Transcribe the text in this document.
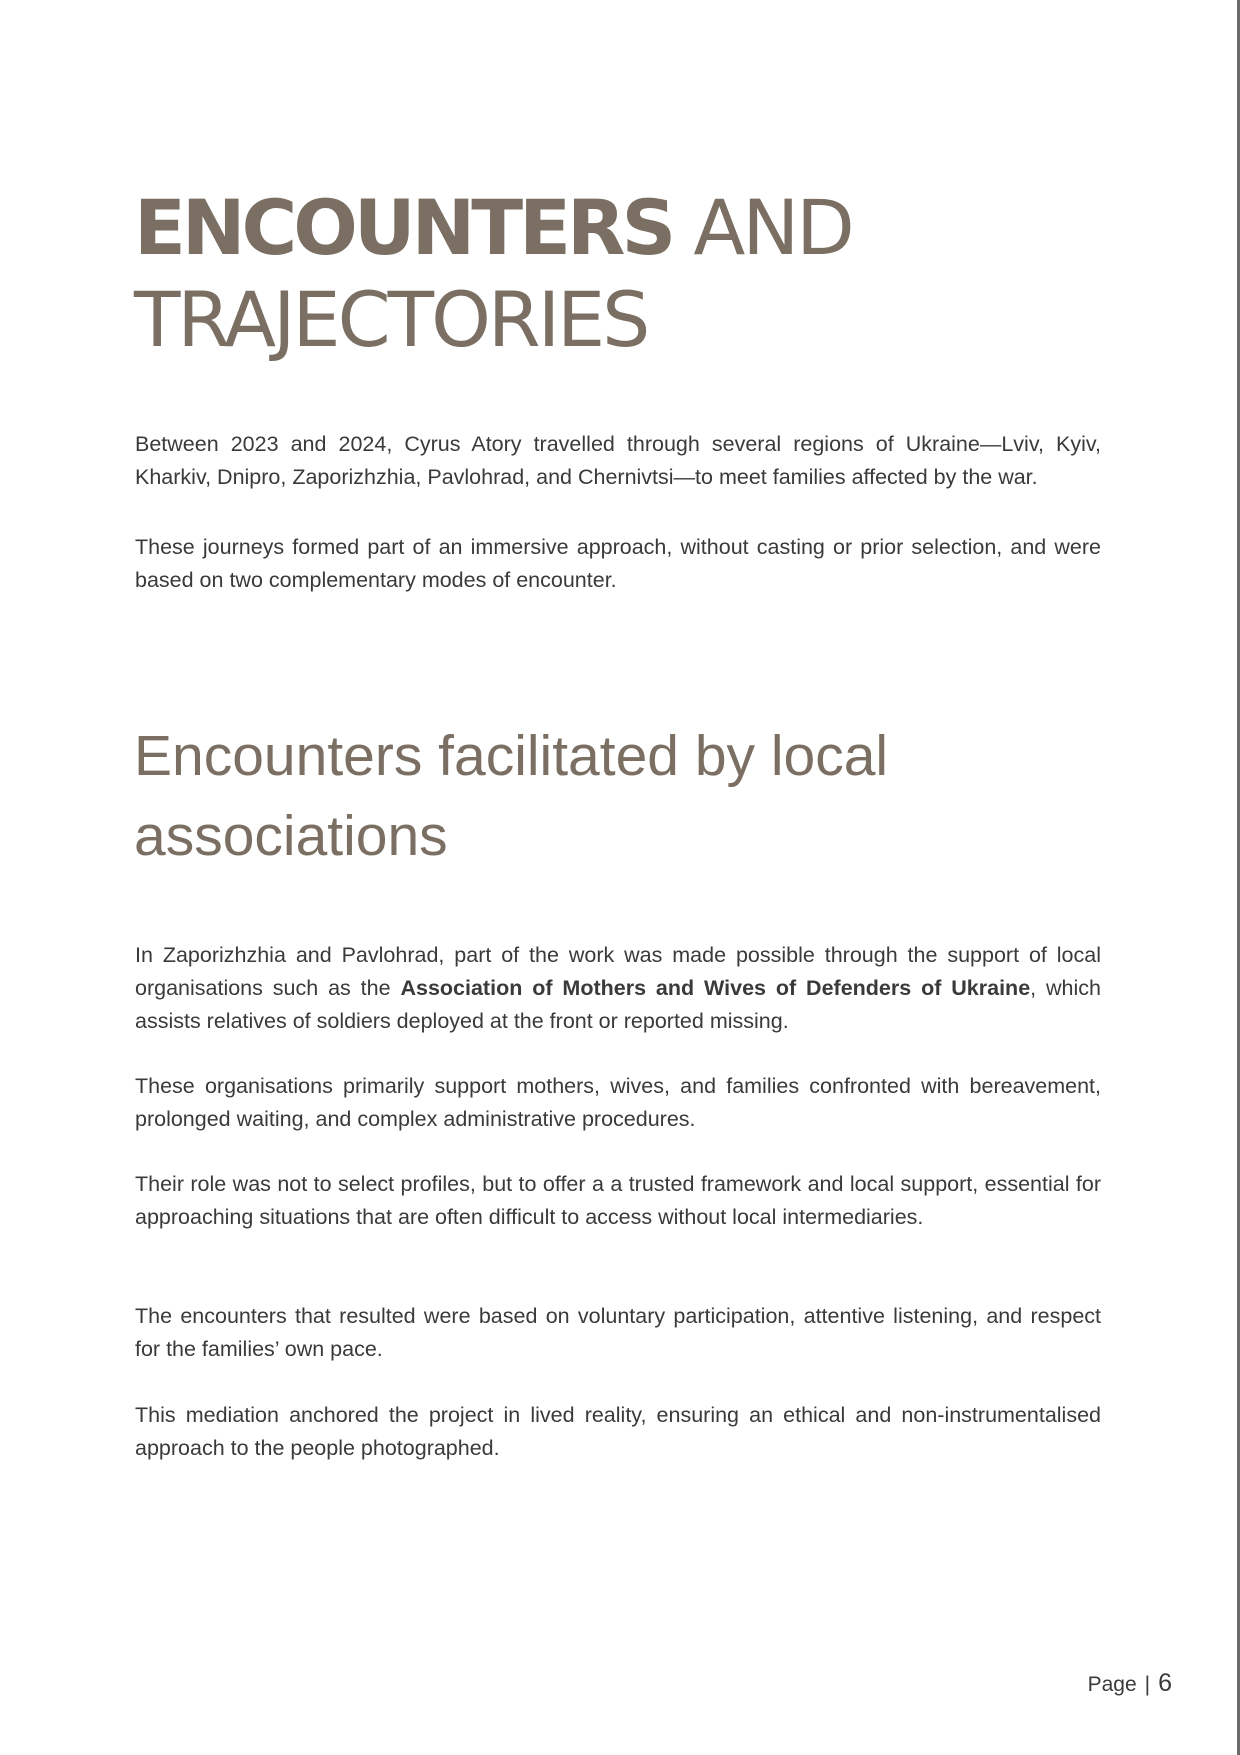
ENCOUNTERS AND
TRAJECTORIES

Between 2023 and 2024, Cyrus Atory travelled through several regions of Ukraine—Lviv, Kyiv, Kharkiv, Dnipro, Zaporizhzhia, Pavlohrad, and Chernivtsi—to meet families affected by the war.

These journeys formed part of an immersive approach, without casting or prior selection, and were based on two complementary modes of encounter.

Encounters facilitated by local associations

In Zaporizhzhia and Pavlohrad, part of the work was made possible through the support of local organisations such as the Association of Mothers and Wives of Defenders of Ukraine, which assists relatives of soldiers deployed at the front or reported missing.

These organisations primarily support mothers, wives, and families confronted with bereavement, prolonged waiting, and complex administrative procedures.

Their role was not to select profiles, but to offer a a trusted framework and local support, essential for approaching situations that are often difficult to access without local intermediaries.

The encounters that resulted were based on voluntary participation, attentive listening, and respect for the families’ own pace.

This mediation anchored the project in lived reality, ensuring an ethical and non-instrumentalised approach to the people photographed.

Page | 6
